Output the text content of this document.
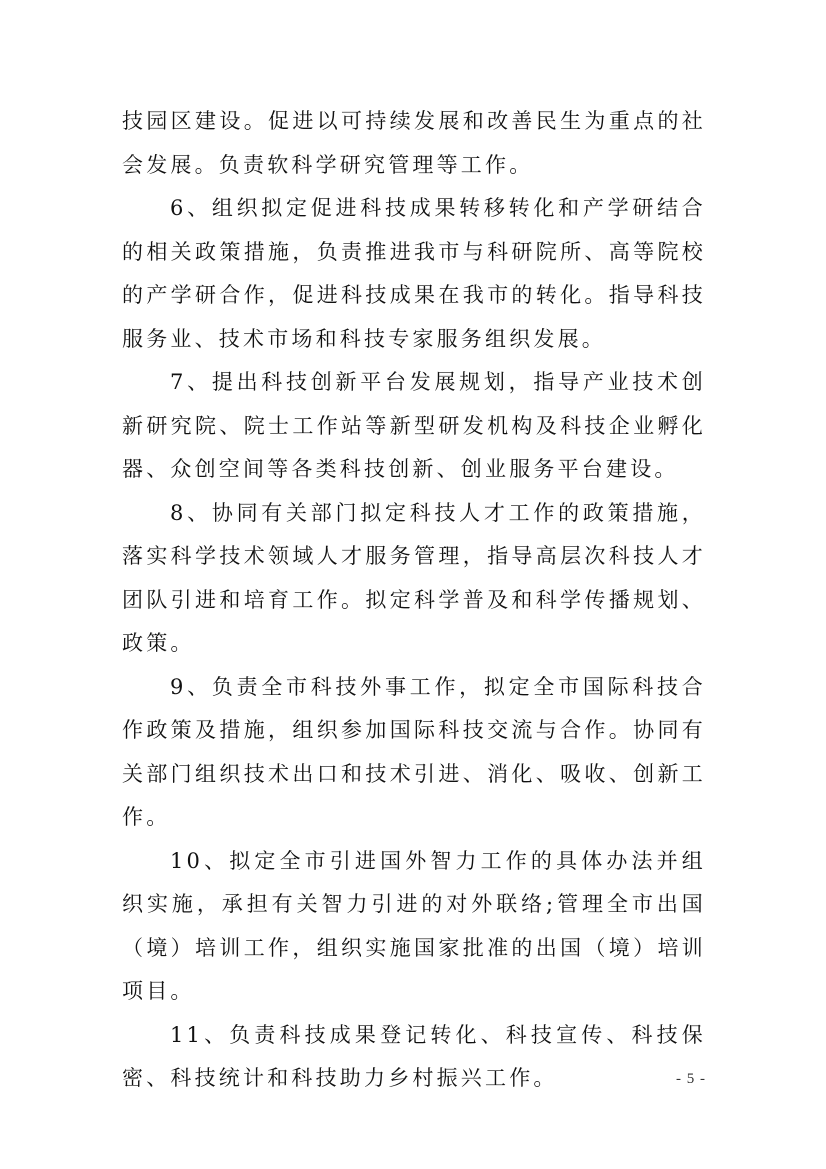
技园区建设。促进以可持续发展和改善民生为重点的社会发展。负责软科学研究管理等工作。

6、组织拟定促进科技成果转移转化和产学研结合的相关政策措施，负责推进我市与科研院所、高等院校的产学研合作，促进科技成果在我市的转化。指导科技服务业、技术市场和科技专家服务组织发展。

7、提出科技创新平台发展规划，指导产业技术创新研究院、院士工作站等新型研发机构及科技企业孵化器、众创空间等各类科技创新、创业服务平台建设。

8、协同有关部门拟定科技人才工作的政策措施，落实科学技术领域人才服务管理，指导高层次科技人才团队引进和培育工作。拟定科学普及和科学传播规划、政策。

9、负责全市科技外事工作，拟定全市国际科技合作政策及措施，组织参加国际科技交流与合作。协同有关部门组织技术出口和技术引进、消化、吸收、创新工作。

10、拟定全市引进国外智力工作的具体办法并组织实施，承担有关智力引进的对外联络;管理全市出国（境）培训工作，组织实施国家批准的出国（境）培训项目。

11、负责科技成果登记转化、科技宣传、科技保密、科技统计和科技助力乡村振兴工作。	- 5 -
